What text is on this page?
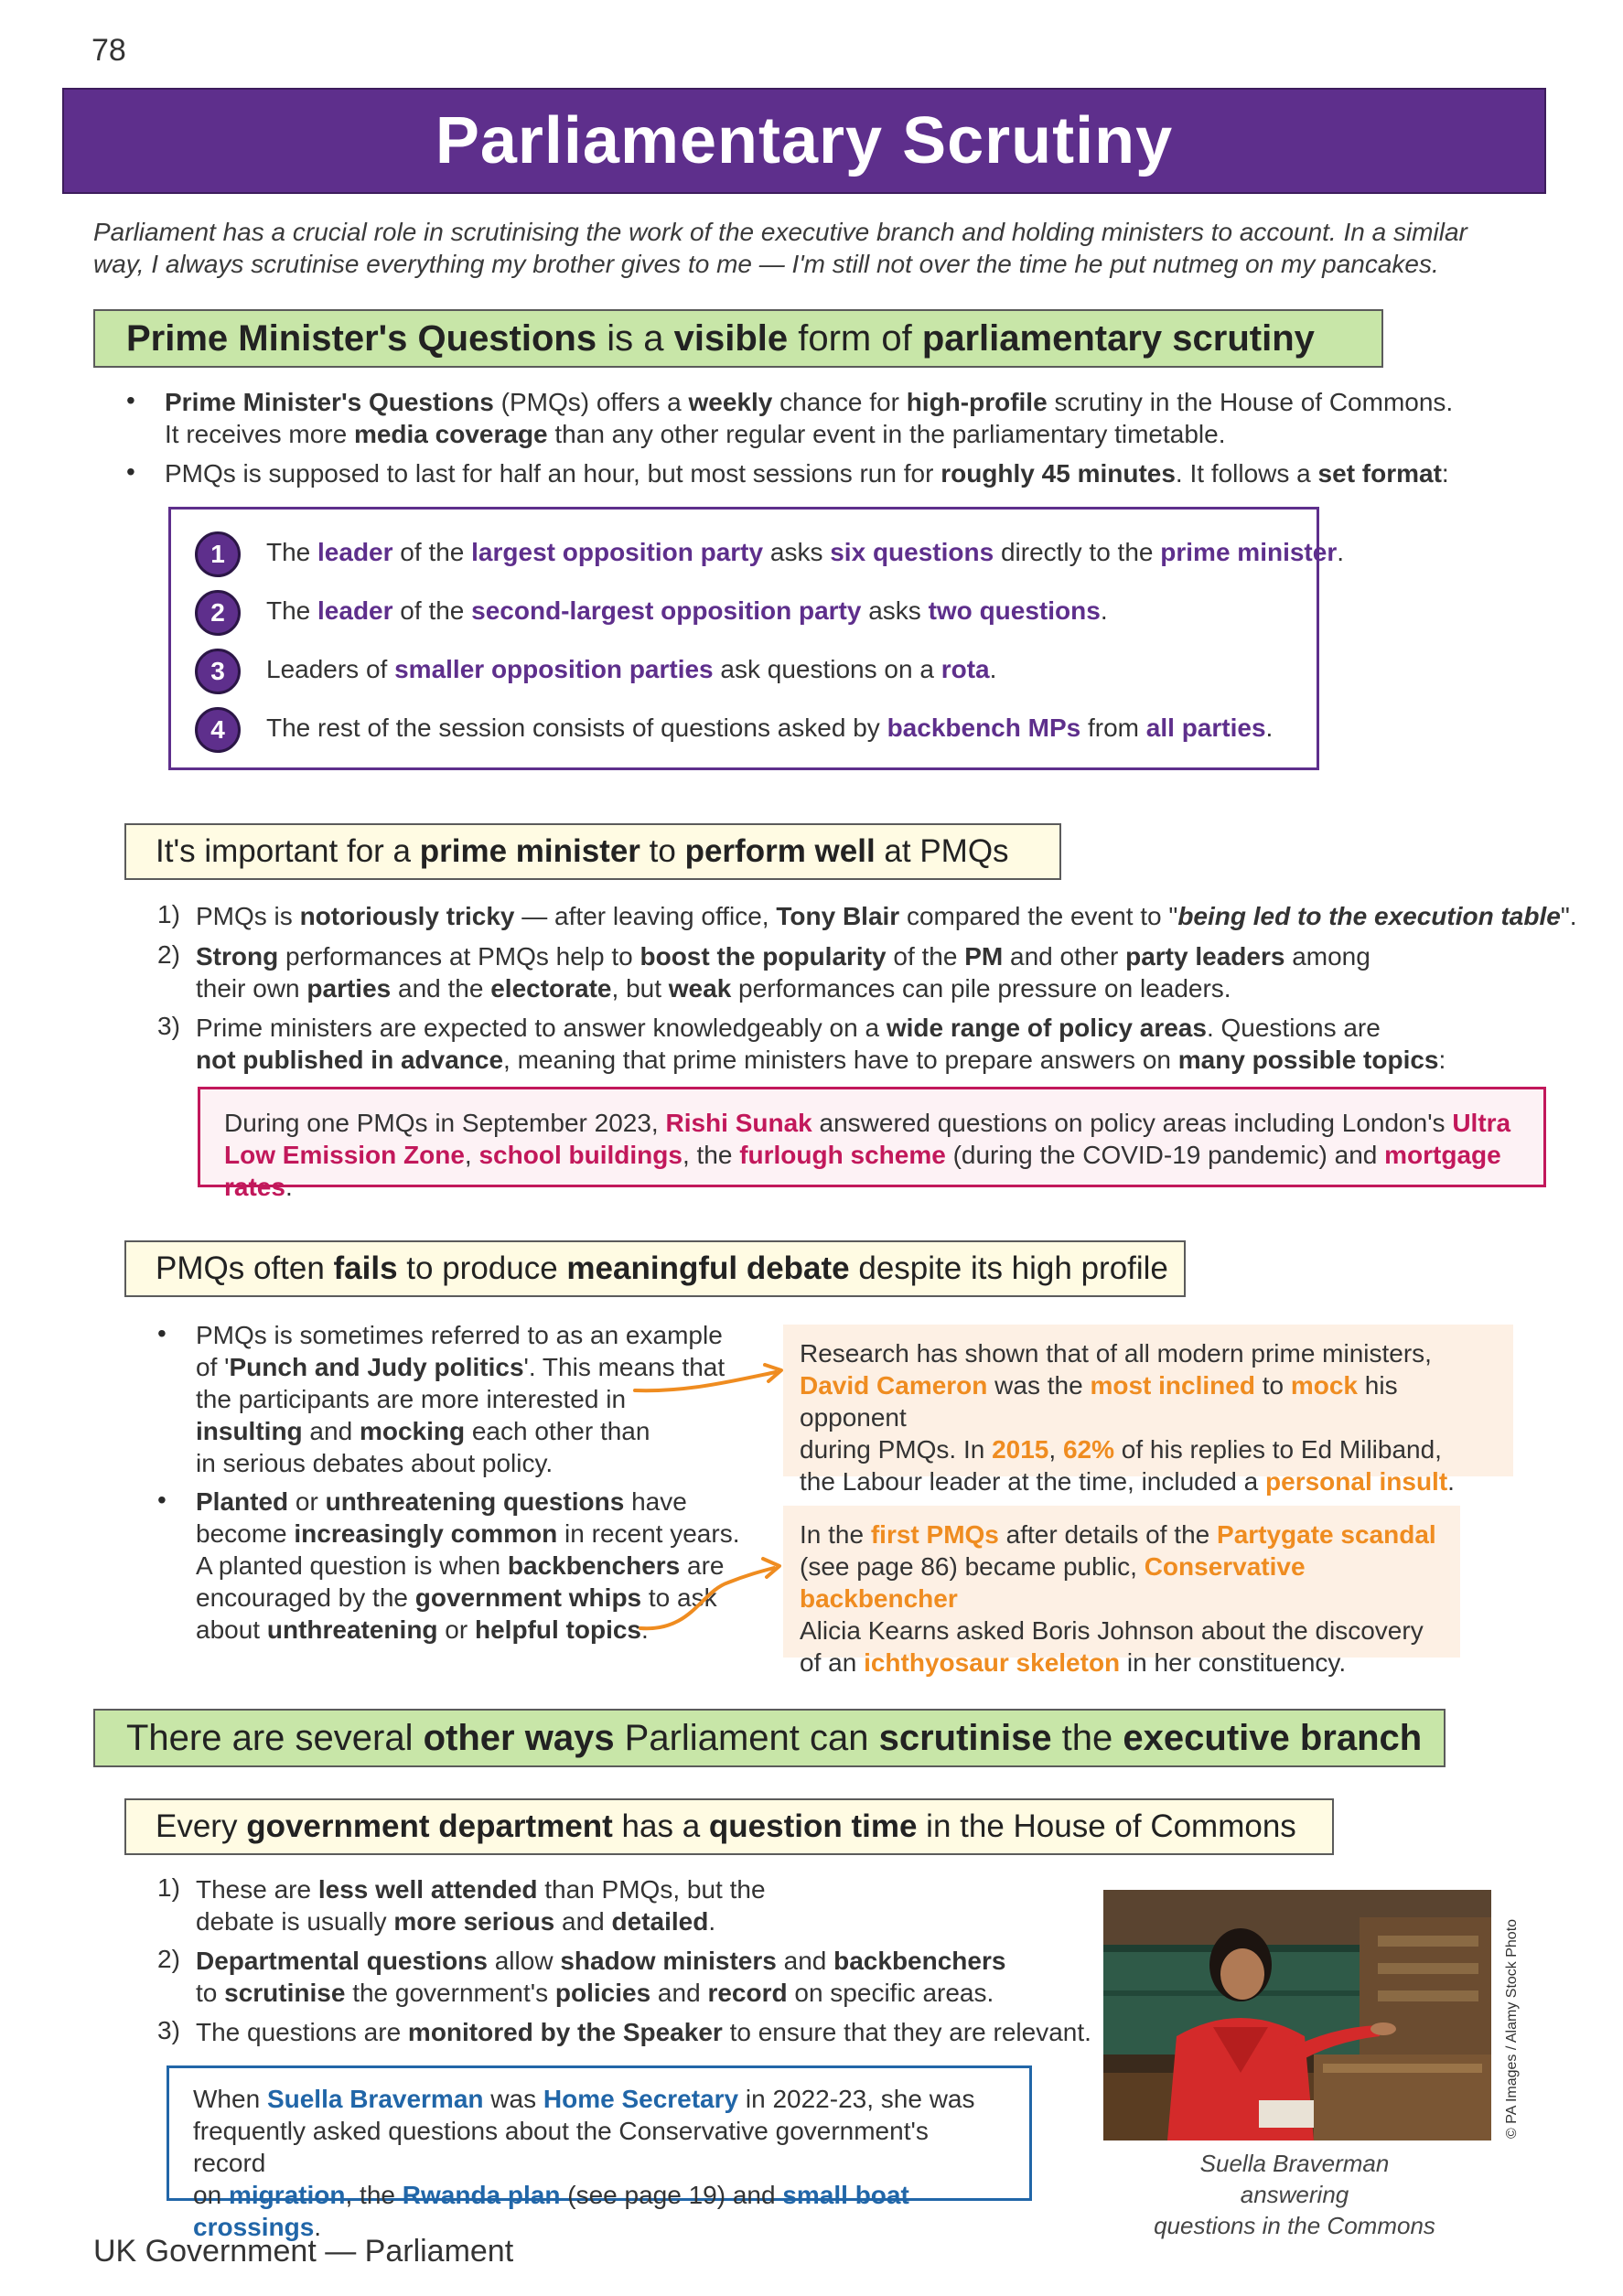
78
Parliamentary Scrutiny
Parliament has a crucial role in scrutinising the work of the executive branch and holding ministers to account. In a similar way, I always scrutinise everything my brother gives to me — I'm still not over the time he put nutmeg on my pancakes.
Prime Minister's Questions is a visible form of parliamentary scrutiny
• Prime Minister's Questions (PMQs) offers a weekly chance for high-profile scrutiny in the House of Commons.
It receives more media coverage than any other regular event in the parliamentary timetable.
• PMQs is supposed to last for half an hour, but most sessions run for roughly 45 minutes. It follows a set format:
1	The leader of the largest opposition party asks six questions directly to the prime minister.
2	The leader of the second-largest opposition party asks two questions.
3	Leaders of smaller opposition parties ask questions on a rota.
4	The rest of the session consists of questions asked by backbench MPs from all parties.
It's important for a prime minister to perform well at PMQs
1) PMQs is notoriously tricky — after leaving office, Tony Blair compared the event to "being led to the execution table".
2) Strong performances at PMQs help to boost the popularity of the PM and other party leaders among
their own parties and the electorate, but weak performances can pile pressure on leaders.
3) Prime ministers are expected to answer knowledgeably on a wide range of policy areas. Questions are
not published in advance, meaning that prime ministers have to prepare answers on many possible topics:
During one PMQs in September 2023, Rishi Sunak answered questions on policy areas including London's Ultra
Low Emission Zone, school buildings, the furlough scheme (during the COVID-19 pandemic) and mortgage rates.
PMQs often fails to produce meaningful debate despite its high profile
• PMQs is sometimes referred to as an example
of 'Punch and Judy politics'. This means that
the participants are more interested in
insulting and mocking each other than
in serious debates about policy.
• Planted or unthreatening questions have
become increasingly common in recent years.
A planted question is when backbenchers are
encouraged by the government whips to ask
about unthreatening or helpful topics.
Research has shown that of all modern prime ministers,
David Cameron was the most inclined to mock his opponent
during PMQs. In 2015, 62% of his replies to Ed Miliband,
the Labour leader at the time, included a personal insult.
In the first PMQs after details of the Partygate scandal
(see page 86) became public, Conservative backbencher
Alicia Kearns asked Boris Johnson about the discovery
of an ichthyosaur skeleton in her constituency.
There are several other ways Parliament can scrutinise the executive branch
Every government department has a question time in the House of Commons
1) These are less well attended than PMQs, but the
debate is usually more serious and detailed.
2) Departmental questions allow shadow ministers and backbenchers
to scrutinise the government's policies and record on specific areas.
3) The questions are monitored by the Speaker to ensure that they are relevant.
When Suella Braverman was Home Secretary in 2022-23, she was
frequently asked questions about the Conservative government's record
on migration, the Rwanda plan (see page 19) and small boat crossings.
© PA Images / Alamy Stock Photo
Suella Braverman answering
questions in the Commons
UK Government — Parliament
